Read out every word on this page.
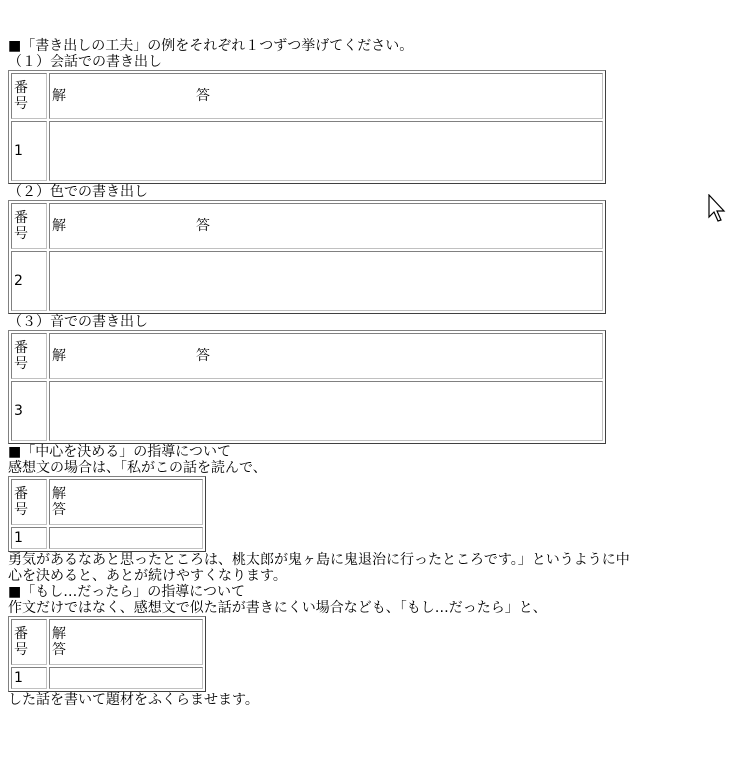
■「書き出しの工夫」の例をそれぞれ１つずつ挙げてください。
（１）会話での書き出し
番号	解 答

1	
（２）色での書き出し
番号	解 答

2	
（３）音での書き出し
番号	解 答

3	
■「中心を決める」の指導について
感想文の場合は、「私がこの話を読んで、
番号	解答
1	
勇気があるなあと思ったところは、桃太郎が鬼ヶ島に鬼退治に行ったところです。」というように中
心を決めると、あとが続けやすくなります。
■「もし…だったら」の指導について
作文だけではなく、感想文で似た話が書きにくい場合なども、「もし…だったら」と、
番号	解答
1	
した話を書いて題材をふくらませます。
